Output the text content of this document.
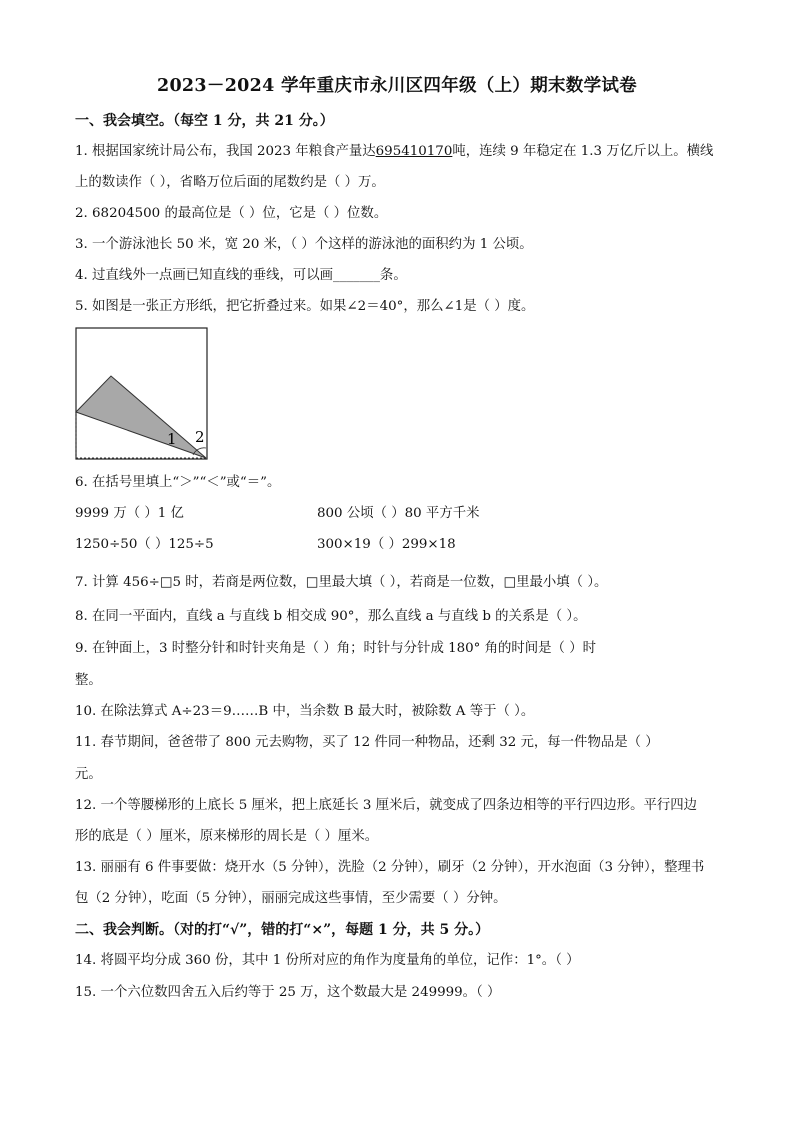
2023－2024 学年重庆市永川区四年级（上）期末数学试卷
一、我会填空。（每空 1 分，共 21 分。）
1. 根据国家统计局公布，我国 2023 年粮食产量达695410170吨，连续 9 年稳定在 1.3 万亿斤以上。横线
上的数读作（ ），省略万位后面的尾数约是（ ）万。
2. 68204500 的最高位是（ ）位，它是（ ）位数。
3. 一个游泳池长 50 米，宽 20 米，（ ）个这样的游泳池的面积约为 1 公顷。
4. 过直线外一点画已知直线的垂线，可以画_______条。
5. 如图是一张正方形纸，把它折叠过来。如果∠2＝40°，那么∠1是（ ）度。
1 2
6. 在括号里填上“＞”“＜”或“＝”。
9999 万（ ）1 亿	800 公顷（ ）80 平方千米
1250÷50（ ）125÷5	300×19（ ）299×18
7. 计算 456÷□5 时，若商是两位数，□里最大填（ ），若商是一位数，□里最小填（ ）。
8. 在同一平面内，直线 a 与直线 b 相交成 90°，那么直线 a 与直线 b 的关系是（ ）。
9. 在钟面上，3 时整分针和时针夹角是（ ）角；时针与分针成 180° 角的时间是（ ）时
整。
10. 在除法算式 A÷23＝9……B 中，当余数 B 最大时，被除数 A 等于（ ）。
11. 春节期间，爸爸带了 800 元去购物，买了 12 件同一种物品，还剩 32 元，每一件物品是（ ）
元。
12. 一个等腰梯形的上底长 5 厘米，把上底延长 3 厘米后，就变成了四条边相等的平行四边形。平行四边
形的底是（ ）厘米，原来梯形的周长是（ ）厘米。
13. 丽丽有 6 件事要做：烧开水（5 分钟），洗脸（2 分钟），刷牙（2 分钟），开水泡面（3 分钟），整理书
包（2 分钟），吃面（5 分钟），丽丽完成这些事情，至少需要（ ）分钟。
二、我会判断。（对的打“√”，错的打“×”，每题 1 分，共 5 分。）
14. 将圆平均分成 360 份，其中 1 份所对应的角作为度量角的单位，记作：1°。（ ）
15. 一个六位数四舍五入后约等于 25 万，这个数最大是 249999。（ ）
